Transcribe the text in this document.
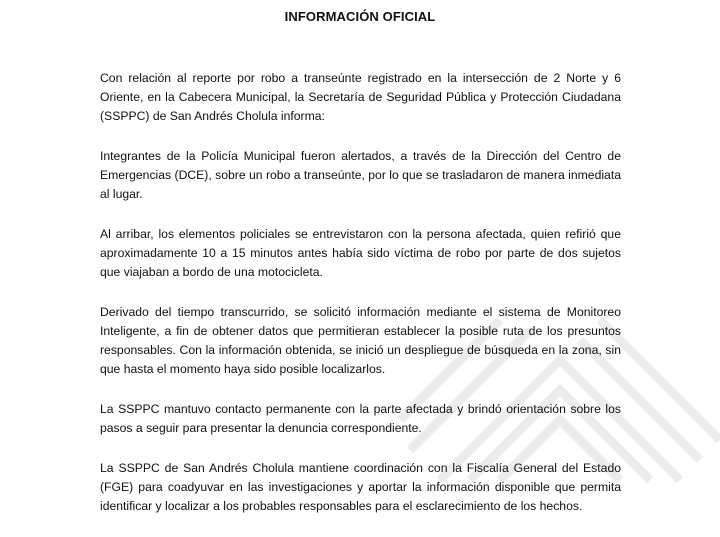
INFORMACIÓN OFICIAL

Con relación al reporte por robo a transeúnte registrado en la intersección de 2 Norte y 6 Oriente, en la Cabecera Municipal, la Secretaría de Seguridad Pública y Protección Ciudadana (SSPPC) de San Andrés Cholula informa:

Integrantes de la Policía Municipal fueron alertados, a través de la Dirección del Centro de Emergencias (DCE), sobre un robo a transeúnte, por lo que se trasladaron de manera inmediata al lugar.

Al arribar, los elementos policiales se entrevistaron con la persona afectada, quien refirió que aproximadamente 10 a 15 minutos antes había sido víctima de robo por parte de dos sujetos que viajaban a bordo de una motocicleta.

Derivado del tiempo transcurrido, se solicitó información mediante el sistema de Monitoreo Inteligente, a fin de obtener datos que permitieran establecer la posible ruta de los presuntos responsables. Con la información obtenida, se inició un despliegue de búsqueda en la zona, sin que hasta el momento haya sido posible localizarlos.

La SSPPC mantuvo contacto permanente con la parte afectada y brindó orientación sobre los pasos a seguir para presentar la denuncia correspondiente.

La SSPPC de San Andrés Cholula mantiene coordinación con la Fiscalía General del Estado (FGE) para coadyuvar en las investigaciones y aportar la información disponible que permita identificar y localizar a los probables responsables para el esclarecimiento de los hechos.
